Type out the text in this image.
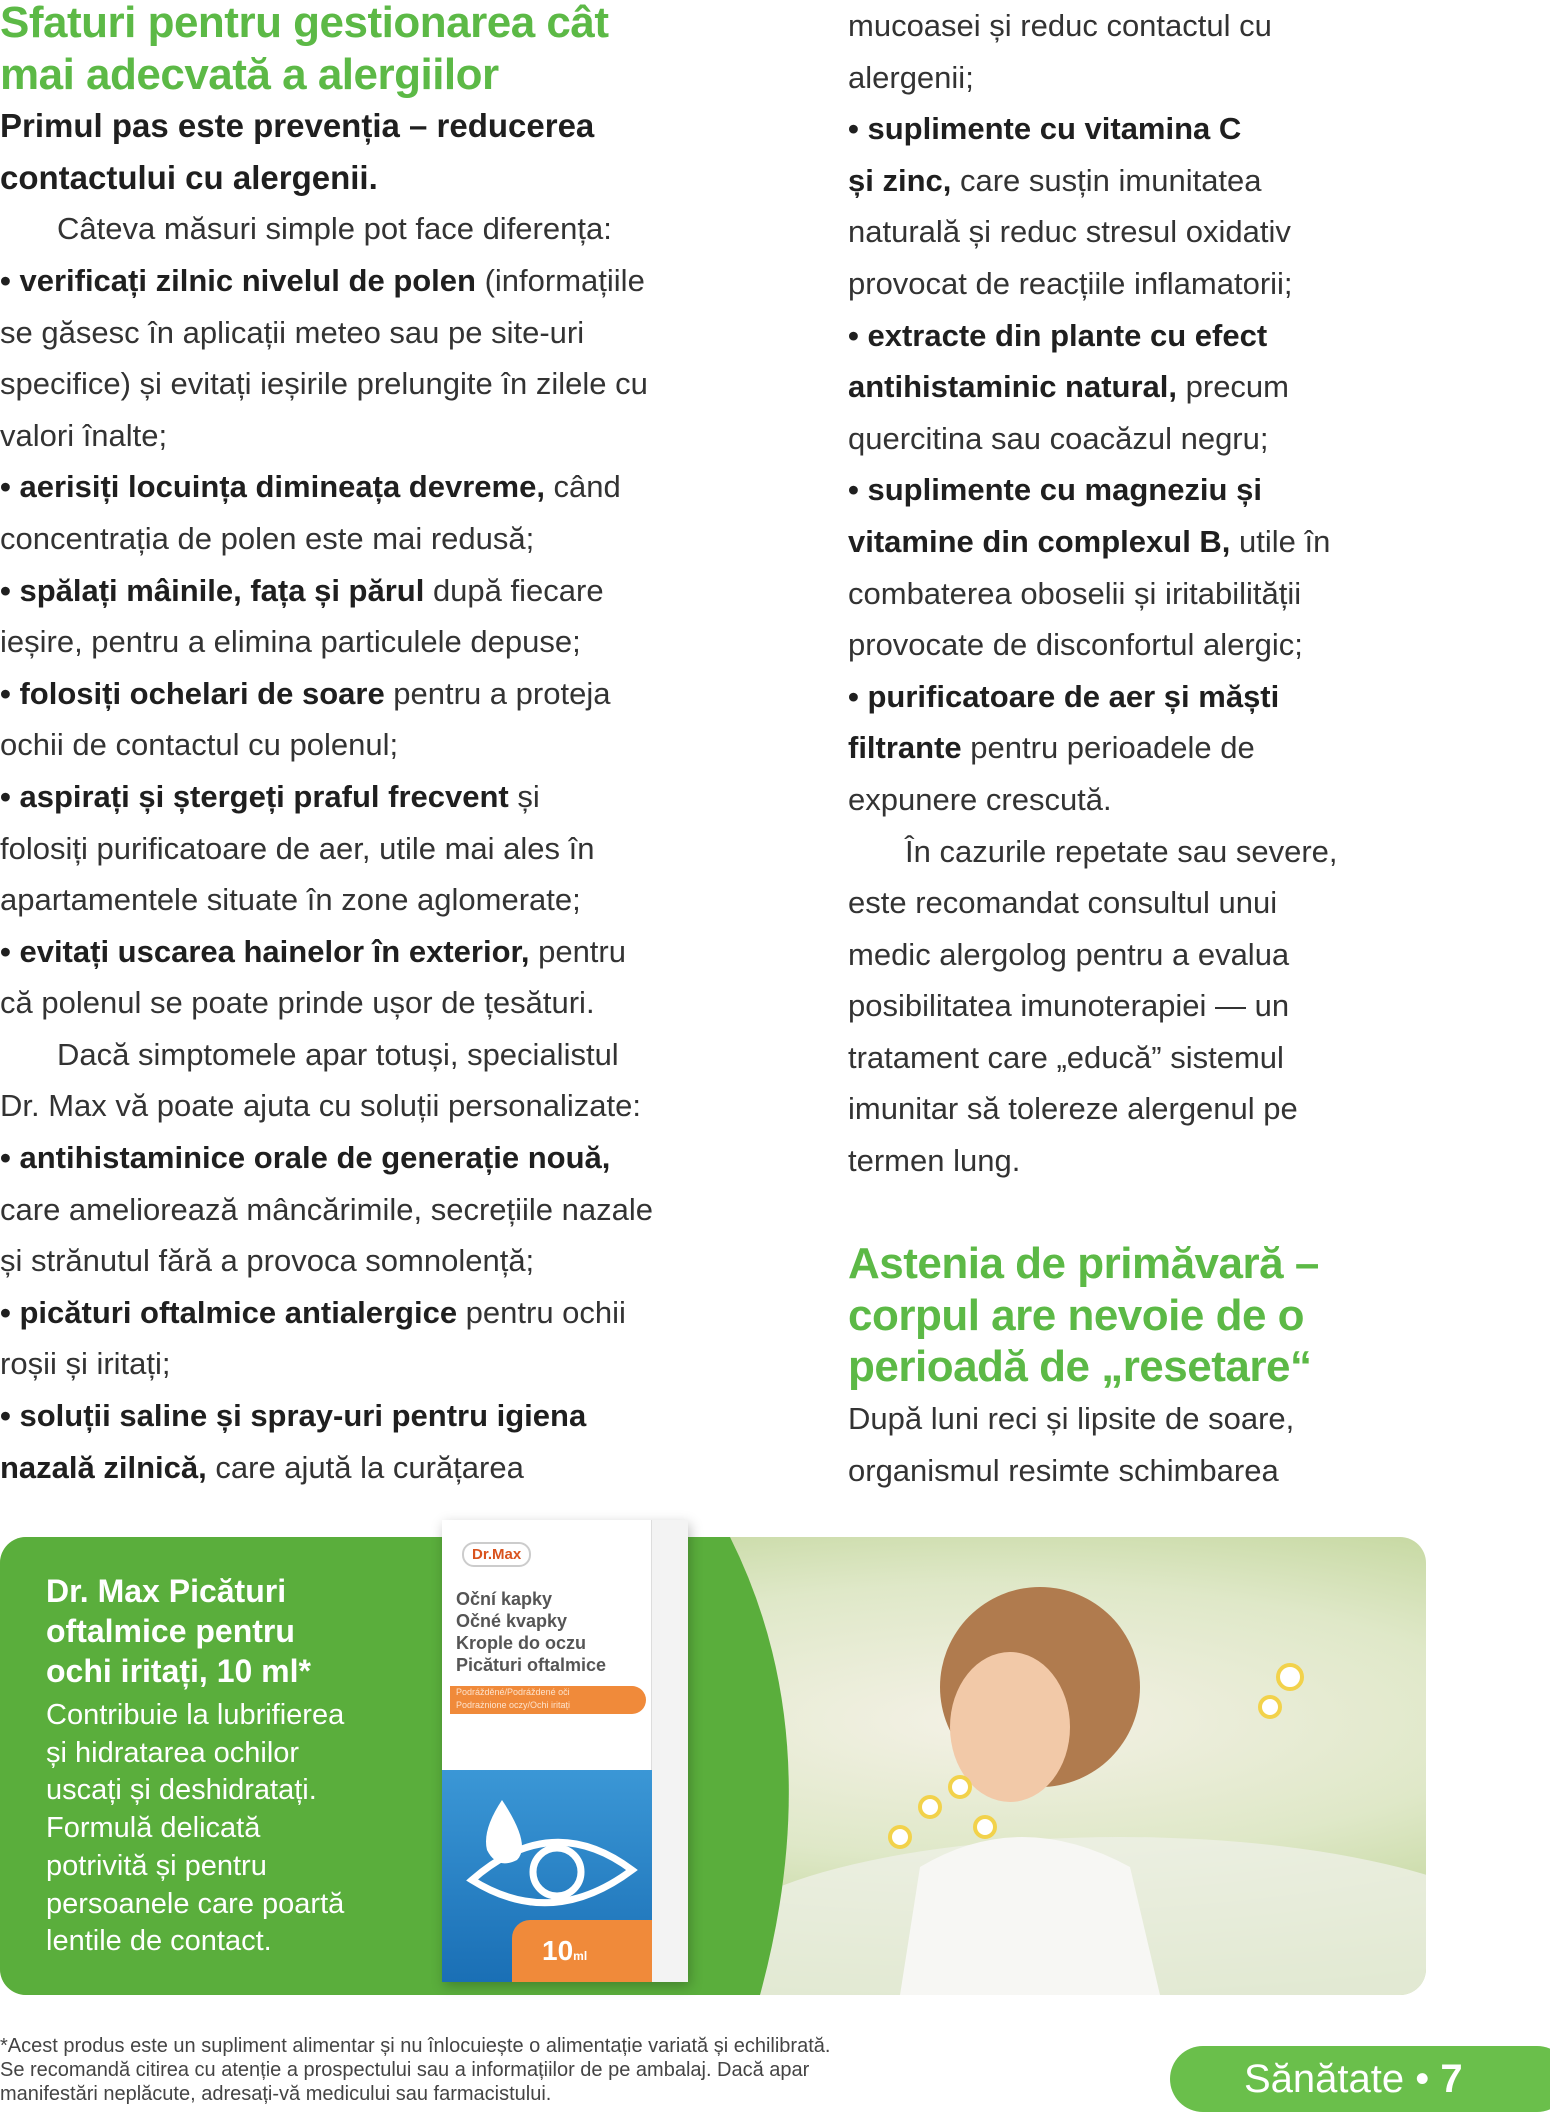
Sfaturi pentru gestionarea cât
mai adecvată a alergiilor
Primul pas este prevenția – reducerea
contactului cu alergenii.
Câteva măsuri simple pot face diferența:
• verificați zilnic nivelul de polen (informațiile
se găsesc în aplicații meteo sau pe site-uri
specifice) și evitați ieșirile prelungite în zilele cu
valori înalte;
• aerisiți locuința dimineața devreme, când
concentrația de polen este mai redusă;
• spălați mâinile, fața și părul după fiecare
ieșire, pentru a elimina particulele depuse;
• folosiți ochelari de soare pentru a proteja
ochii de contactul cu polenul;
• aspirați și ștergeți praful frecvent și
folosiți purificatoare de aer, utile mai ales în
apartamentele situate în zone aglomerate;
• evitați uscarea hainelor în exterior, pentru
că polenul se poate prinde ușor de țesături.
Dacă simptomele apar totuși, specialistul
Dr. Max vă poate ajuta cu soluții personalizate:
• antihistaminice orale de generație nouă,
care ameliorează mâncărimile, secrețiile nazale
și strănutul fără a provoca somnolență;
• picături oftalmice antialergice pentru ochii
roșii și iritați;
• soluții saline și spray-uri pentru igiena
nazală zilnică, care ajută la curățarea
mucoasei și reduc contactul cu
alergenii;
• suplimente cu vitamina C
și zinc, care susțin imunitatea
naturală și reduc stresul oxidativ
provocat de reacțiile inflamatorii;
• extracte din plante cu efect
antihistaminic natural, precum
quercitina sau coacăzul negru;
• suplimente cu magneziu și
vitamine din complexul B, utile în
combaterea oboselii și iritabilității
provocate de disconfortul alergic;
• purificatoare de aer și măști
filtrante pentru perioadele de
expunere crescută.
În cazurile repetate sau severe,
este recomandat consultul unui
medic alergolog pentru a evalua
posibilitatea imunoterapiei — un
tratament care „educă” sistemul
imunitar să tolereze alergenul pe
termen lung.
Astenia de primăvară –
corpul are nevoie de o
perioadă de „resetare“
După luni reci și lipsite de soare,
organismul resimte schimbarea
Dr. Max Picături
oftalmice pentru
ochi iritați, 10 ml*
Contribuie la lubrifierea
și hidratarea ochilor
uscați și deshidratați.
Formulă delicată
potrivită și pentru
persoanele care poartă
lentile de contact.
Dr.Max
Oční kapky
Očné kvapky
Krople do oczu
Picături oftalmice
Podrážděné/Podráždené oči
Podrażnione oczy/Ochi iritați
10ml
*Acest produs este un supliment alimentar și nu înlocuiește o alimentație variată și echilibrată.
Se recomandă citirea cu atenție a prospectului sau a informațiilor de pe ambalaj. Dacă apar
manifestări neplăcute, adresați-vă medicului sau farmacistului.	Sănătate • 7
